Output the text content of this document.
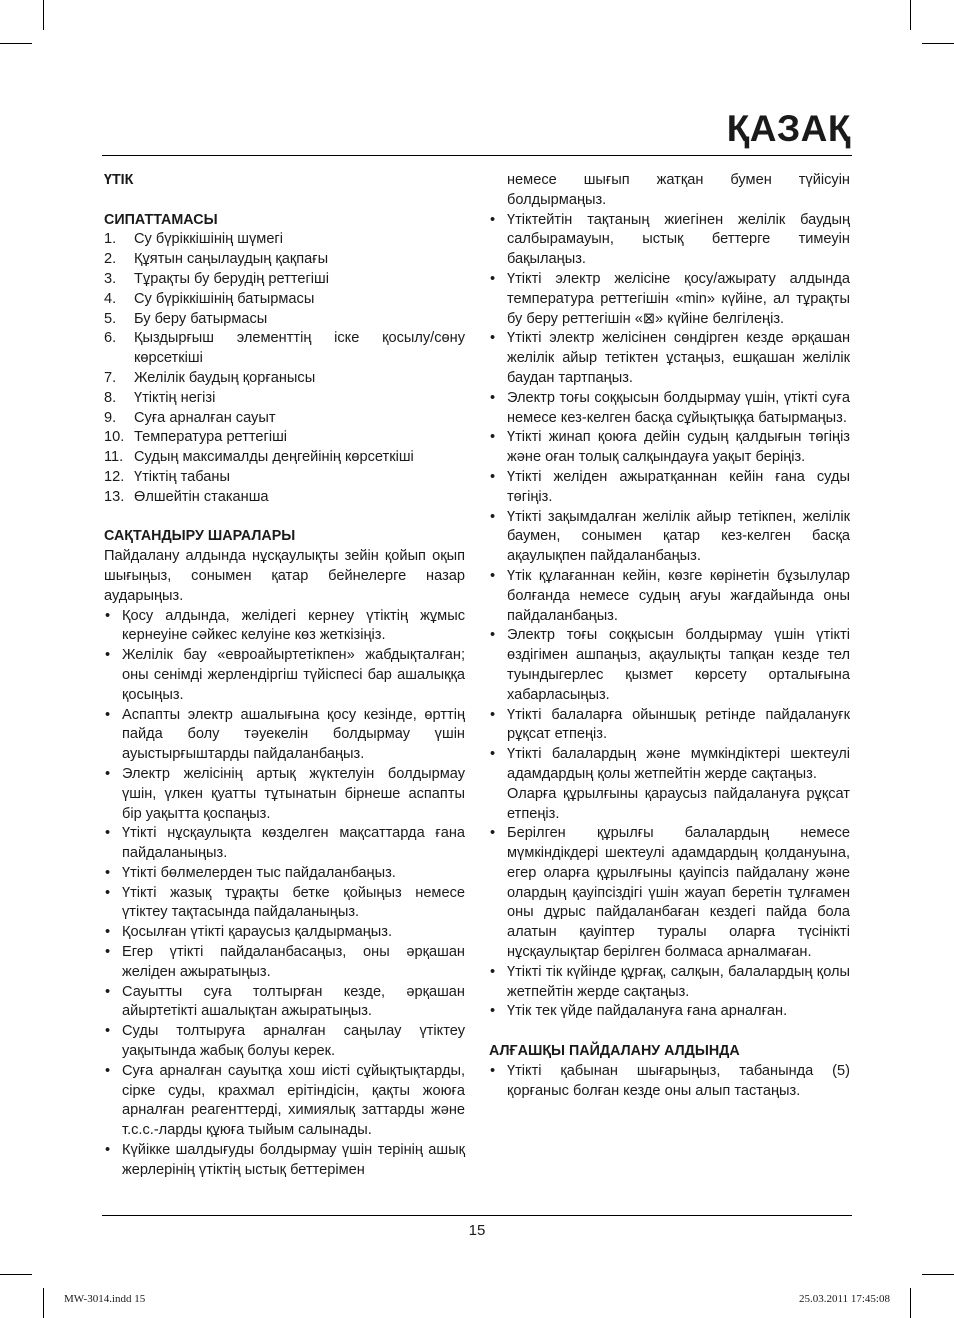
ҚАЗАҚ
ҮТІК
СИПАТТАМАСЫ
1. Су бүріккішінің шүмегі
2. Құятын саңылаудың қақпағы
3. Тұрақты бу берудің реттегіші
4. Су бүріккішінің батырмасы
5. Бу беру батырмасы
6. Қыздырғыш элементтің іске қосылу/сөну көрсеткіші
7. Желілік баудың қорғанысы
8. Үтіктің негізі
9. Суға арналған сауыт
10. Температура реттегіші
11. Судың максималды деңгейінің көрсеткіші
12. Үтіктің табаны
13. Өлшейтін стаканша
САҚТАНДЫРУ ШАРАЛАРЫ
Пайдалану алдында нұсқаулықты зейін қойып оқып шығыңыз, сонымен қатар бейнелерге назар аударыңыз.
• Қосу алдында, желідегі кернеу үтіктің жұмыс кернеуіне сәйкес келуіне көз жеткізіңіз.
• Желілік бау «евроайыртетікпен» жабдықталған; оны сенімді жерлендіргіш түйіспесі бар ашалыққа қосыңыз.
• Аспапты электр ашалығына қосу кезінде, өрттің пайда болу тәуекелін болдырмау үшін ауыстырғыштарды пайдаланбаңыз.
• Электр желісінің артық жүктелуін болдырмау үшін, үлкен қуатты тұтынатын бірнеше аспапты бір уақытта қоспаңыз.
• Үтікті нұсқаулықта көзделген мақсаттарда ғана пайдаланыңыз.
• Үтікті бөлмелерден тыс пайдаланбаңыз.
• Үтікті жазық тұрақты бетке қойыңыз немесе үтіктеу тақтасында пайдаланыңыз.
• Қосылған үтікті қараусыз қалдырмаңыз.
• Егер үтікті пайдаланбасаңыз, оны әрқашан желіден ажыратыңыз.
• Сауытты суға толтырған кезде, әрқашан айыртетікті ашалықтан ажыратыңыз.
• Суды толтыруға арналған саңылау үтіктеу уақытында жабық болуы керек.
• Суға арналған сауытқа хош иісті сұйықтықтарды, сірке суды, крахмал ерітіндісін, қақты жоюға арналған реагенттерді, химиялық заттарды және т.с.с.-ларды құюға тыйым салынады.
• Күйікке шалдығуды болдырмау үшін терінің ашық жерлерінің үтіктің ыстық беттерімен
немесе шығып жатқан бумен түйісуін болдырмаңыз.
• Үтіктейтін тақтаның жиегінен желілік баудың салбырамауын, ыстық беттерге тимеуін бақылаңыз.
• Үтікті электр желісіне қосу/ажырату алдында температура реттегішін «min» күйіне, ал тұрақты бу беру реттегішін «⊠» күйіне белгілеңіз.
• Үтікті электр желісінен сөндірген кезде әрқашан желілік айыр тетіктен ұстаңыз, ешқашан желілік баудан тартпаңыз.
• Электр тоғы соққысын болдырмау үшін, үтікті суға немесе кез-келген басқа сұйықтыққа батырмаңыз.
• Үтікті жинап қоюға дейін судың қалдығын төгіңіз және оған толық салқындауға уақыт беріңіз.
• Үтікті желіден ажыратқаннан кейін ғана суды төгіңіз.
• Үтікті зақымдалған желілік айыр тетікпен, желілік баумен, сонымен қатар кез-келген басқа ақаулықпен пайдаланбаңыз.
• Үтік құлағаннан кейін, көзге көрінетін бұзылулар болғанда немесе судың ағуы жағдайында оны пайдаланбаңыз.
• Электр тоғы соққысын болдырмау үшін үтікті өздігімен ашпаңыз, ақаулықты тапқан кезде тел туындыгерлес қызмет көрсету орталығына хабарласыңыз.
• Үтікті балаларға ойыншық ретінде пайдалануғк рұқсат етпеңіз.
• Үтікті балалардың және мүмкіндіктері шектеулі адамдардың қолы жетпейтін жерде сақтаңыз.
Оларға құрылғыны қараусыз пайдалануға рұқсат етпеңіз.
• Берілген құрылғы балалардың немесе мүмкіндікдері шектеулі адамдардың қолдануына, егер оларға құрылғыны қауіпсіз пайдалану және олардың қауіпсіздігі үшін жауап беретін тұлғамен оны дұрыс пайдаланбаған кездегі пайда бола алатын қауіптер туралы оларға түсінікті нұсқаулықтар берілген болмаса арналмаған.
• Үтікті тік күйінде құрғақ, салқын, балалардың қолы жетпейтін жерде сақтаңыз.
• Үтік тек үйде пайдалануға ғана арналған.
АЛҒАШҚЫ ПАЙДАЛАНУ АЛДЫНДА
• Үтікті қабынан шығарыңыз, табанында (5) қорғаныс болған кезде оны алып тастаңыз.
15
MW-3014.indd 15	25.03.2011 17:45:08
